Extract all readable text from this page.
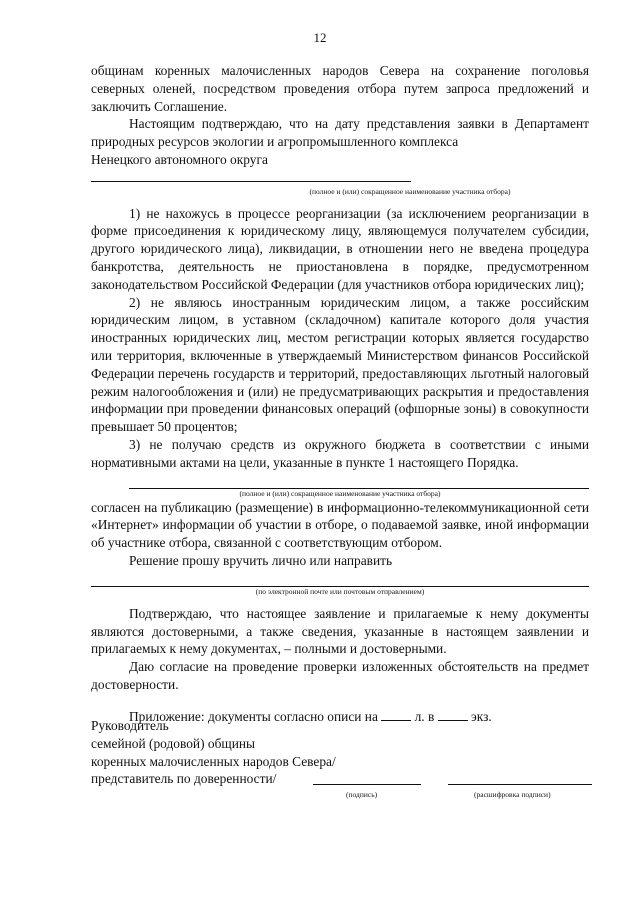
12

общинам коренных малочисленных народов Севера на сохранение поголовья северных оленей, посредством проведения отбора путем запроса предложений и заключить Соглашение.

Настоящим подтверждаю, что на дату представления заявки в Департамент природных ресурсов экологии и агропромышленного комплекса

Ненецкого автономного округа

(полное и (или) сокращенное наименование участника отбора)

1) не нахожусь в процессе реорганизации (за исключением реорганизации в форме присоединения к юридическому лицу, являющемуся получателем субсидии, другого юридического лица), ликвидации, в отношении него не введена процедура банкротства, деятельность не приостановлена в порядке, предусмотренном законодательством Российской Федерации (для участников отбора юридических лиц);

2) не являюсь иностранным юридическим лицом, а также российским юридическим лицом, в уставном (складочном) капитале которого доля участия иностранных юридических лиц, местом регистрации которых является государство или территория, включенные в утверждаемый Министерством финансов Российской Федерации перечень государств и территорий, предоставляющих льготный налоговый режим налогообложения и (или) не предусматривающих раскрытия и предоставления информации при проведении финансовых операций (офшорные зоны) в совокупности превышает 50 процентов;

3) не получаю средств из окружного бюджета в соответствии с иными нормативными актами на цели, указанные в пункте 1 настоящего Порядка.

(полное и (или) сокращенное наименование участника отбора)

согласен на публикацию (размещение) в информационно-телекоммуникационной сети «Интернет» информации об участии в отборе, о подаваемой заявке, иной информации об участнике отбора, связанной с соответствующим отбором.

Решение прошу вручить лично или направить

(по электронной почте или почтовым отправлением)

Подтверждаю, что настоящее заявление и прилагаемые к нему документы являются достоверными, а также сведения, указанные в настоящем заявлении и прилагаемых к нему документах, – полными и достоверными.

Даю согласие на проведение проверки изложенных обстоятельств на предмет достоверности.

Приложение: документы согласно описи на	л. в	экз.

Руководитель

семейной (родовой) общины

коренных малочисленных народов Севера/

представитель по доверенности/
(подпись)	(расшифровка подписи)
